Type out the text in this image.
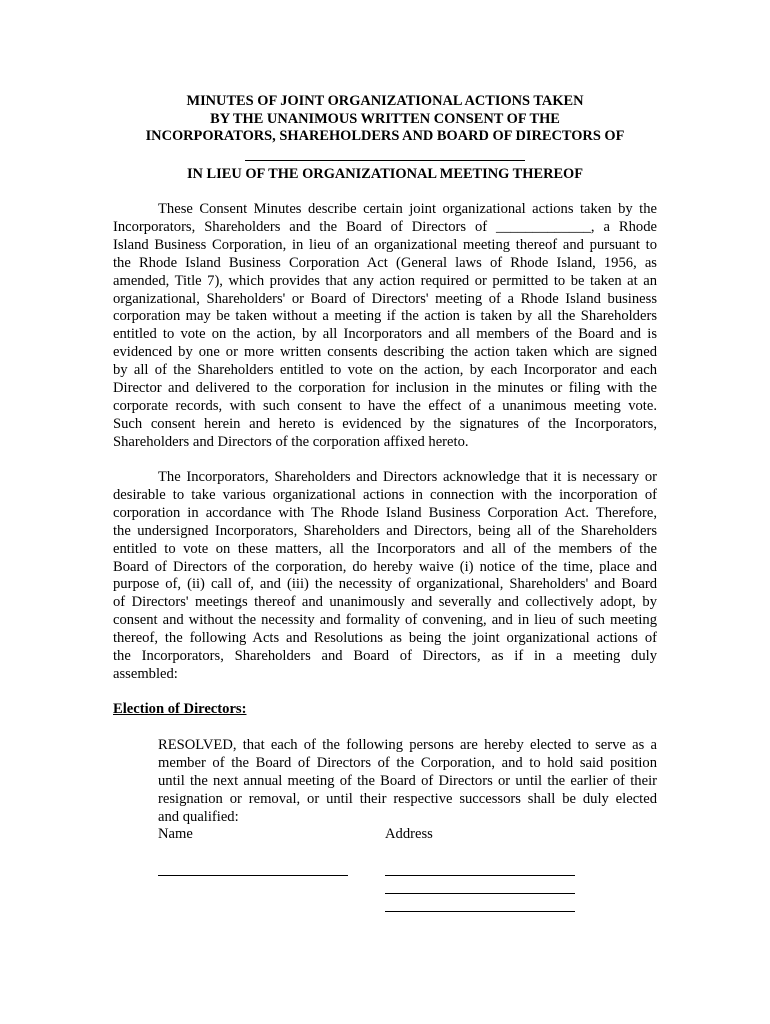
MINUTES OF JOINT ORGANIZATIONAL ACTIONS TAKEN
BY THE UNANIMOUS WRITTEN CONSENT OF THE
INCORPORATORS, SHAREHOLDERS AND BOARD OF DIRECTORS OF
IN LIEU OF THE ORGANIZATIONAL MEETING THEREOF
These Consent Minutes describe certain joint organizational actions taken by the
Incorporators, Shareholders and the Board of Directors of _____________, a Rhode
Island Business Corporation, in lieu of an organizational meeting thereof and pursuant to
the Rhode Island Business Corporation Act (General laws of Rhode Island, 1956, as
amended, Title 7), which provides that any action required or permitted to be taken at an
organizational, Shareholders' or Board of Directors' meeting of a Rhode Island business
corporation may be taken without a meeting if the action is taken by all the Shareholders
entitled to vote on the action, by all Incorporators and all members of the Board and is
evidenced by one or more written consents describing the action taken which are signed
by all of the Shareholders entitled to vote on the action, by each Incorporator and each
Director and delivered to the corporation for inclusion in the minutes or filing with the
corporate records, with such consent to have the effect of a unanimous meeting vote.
Such consent herein and hereto is evidenced by the signatures of the Incorporators,
Shareholders and Directors of the corporation affixed hereto.
The Incorporators, Shareholders and Directors acknowledge that it is necessary or
desirable to take various organizational actions in connection with the incorporation of
corporation in accordance with The Rhode Island Business Corporation Act. Therefore,
the undersigned Incorporators, Shareholders and Directors, being all of the Shareholders
entitled to vote on these matters, all the Incorporators and all of the members of the
Board of Directors of the corporation, do hereby waive (i) notice of the time, place and
purpose of, (ii) call of, and (iii) the necessity of organizational, Shareholders' and Board
of Directors' meetings thereof and unanimously and severally and collectively adopt, by
consent and without the necessity and formality of convening, and in lieu of such meeting
thereof, the following Acts and Resolutions as being the joint organizational actions of
the Incorporators, Shareholders and Board of Directors, as if in a meeting duly
assembled:
Election of Directors:
RESOLVED, that each of the following persons are hereby elected to serve as a
member of the Board of Directors of the Corporation, and to hold said position
until the next annual meeting of the Board of Directors or until the earlier of their
resignation or removal, or until their respective successors shall be duly elected
and qualified:
Name	Address
